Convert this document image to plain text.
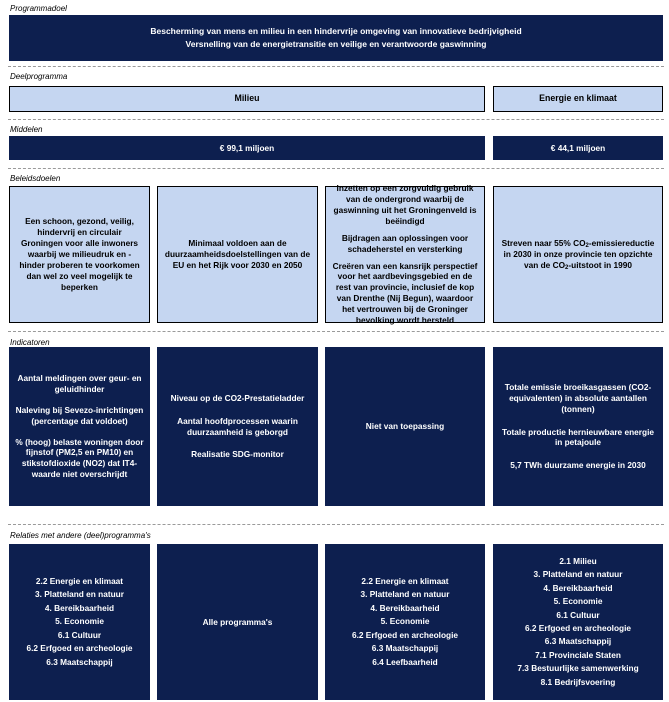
Programmadoel
Bescherming van mens en milieu in een hindervrije omgeving van innovatieve bedrijvigheid
Versnelling van de energietransitie en veilige en verantwoorde gaswinning
Deelprogramma
Milieu	Energie en klimaat
Middelen
€ 99,1 miljoen	€ 44,1 miljoen
Beleidsdoelen
Een schoon, gezond, veilig, hindervrij en circulair Groningen voor alle inwoners waarbij we milieudruk en -hinder proberen te voorkomen dan wel zo veel mogelijk te beperken
Minimaal voldoen aan de duurzaamheidsdoelstellingen van de EU en het Rijk voor 2030 en 2050
Inzetten op een zorgvuldig gebruik van de ondergrond waarbij de gaswinning uit het Groningenveld is beëindigd
Bijdragen aan oplossingen voor schadeherstel en versterking
Creëren van een kansrijk perspectief voor het aardbevingsgebied en de rest van provincie, inclusief de kop van Drenthe (Nij Begun), waardoor het vertrouwen bij de Groninger bevolking wordt hersteld
Streven naar 55% $CO_2$-emissiereductie in 2030 in onze provincie ten opzichte van de $CO_2$-uitstoot in 1990
Indicatoren
Aantal meldingen over geur- en geluidhinder
Naleving bij Sevezo-inrichtingen (percentage dat voldoet)
% (hoog) belaste woningen door fijnstof (PM2,5 en PM10) en stikstofdioxide (NO2) dat IT4-waarde niet overschrijdt
Niveau op de CO2-Prestatieladder
Aantal hoofdprocessen waarin duurzaamheid is geborgd
Realisatie SDG-monitor
Niet van toepassing
Totale emissie broeikasgassen (CO2-equivalenten) in absolute aantallen (tonnen)
Totale productie hernieuwbare energie in petajoule
5,7 TWh duurzame energie in 2030
Relaties met andere (deel)programma's
2.2 Energie en klimaat
3. Platteland en natuur
4. Bereikbaarheid
5. Economie
6.1 Cultuur
6.2 Erfgoed en archeologie
6.3 Maatschappij
Alle programma's
2.2 Energie en klimaat
3. Platteland en natuur
4. Bereikbaarheid
5. Economie
6.2 Erfgoed en archeologie
6.3 Maatschappij
6.4 Leefbaarheid
2.1 Milieu
3. Platteland en natuur
4. Bereikbaarheid
5. Economie
6.1 Cultuur
6.2 Erfgoed en archeologie
6.3 Maatschappij
7.1 Provinciale Staten
7.3 Bestuurlijke samenwerking
8.1 Bedrijfsvoering
